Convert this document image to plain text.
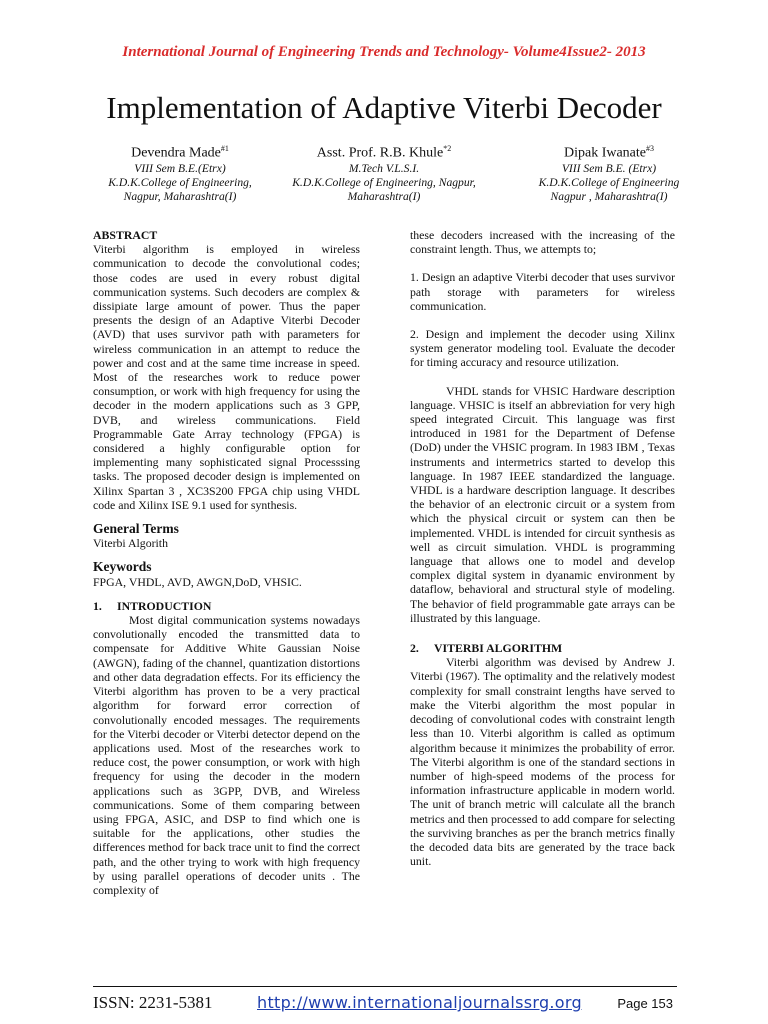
International Journal of Engineering Trends and Technology- Volume4Issue2- 2013
Implementation of Adaptive Viterbi Decoder
Devendra Made$^{\#1}$
VIII Sem B.E.(Etrx)
K.D.K.College of Engineering,
Nagpur, Maharashtra(I)
Asst. Prof. R.B. Khule$^{*2}$
M.Tech V.L.S.I.
K.D.K.College of Engineering, Nagpur,
Maharashtra(I)
Dipak Iwanate$^{\#3}$
VIII Sem B.E. (Etrx)
K.D.K.College of Engineering
Nagpur , Maharashtra(I)

ABSTRACT

Viterbi algorithm is employed in wireless communication to decode the convolutional codes; those codes are used in every robust digital communication systems. Such decoders are complex & dissipiate large amount of power. Thus the paper presents the design of an Adaptive Viterbi Decoder (AVD) that uses survivor path with parameters for wireless communication in an attempt to reduce the power and cost and at the same time increase in speed. Most of the researches work to reduce power consumption, or work with high frequency for using the decoder in the modern applications such as 3 GPP, DVB, and wireless communications. Field Programmable Gate Array technology (FPGA) is considered a highly configurable option for implementing many sophisticated signal Processsing tasks. The proposed decoder design is implemented on Xilinx Spartan 3 , XC3S200 FPGA chip using VHDL code and Xilinx ISE 9.1 used for synthesis.

General Terms

Viterbi Algorith

Keywords

FPGA, VHDL, AVD, AWGN,DoD, VHSIC.

1. INTRODUCTION

Most digital communication systems nowadays convolutionally encoded the transmitted data to compensate for Additive White Gaussian Noise (AWGN), fading of the channel, quantization distortions and other data degradation effects. For its efficiency the Viterbi algorithm has proven to be a very practical algorithm for forward error correction of convolutionally encoded messages. The requirements for the Viterbi decoder or Viterbi detector depend on the applications used. Most of the researches work to reduce cost, the power consumption, or work with high frequency for using the decoder in the modern applications such as 3GPP, DVB, and Wireless communications. Some of them comparing between using FPGA, ASIC, and DSP to find which one is suitable for the applications, other studies the differences method for back trace unit to find the correct path, and the other trying to work with high frequency by using parallel operations of decoder units . The complexity of

these decoders increased with the increasing of the constraint length. Thus, we attempts to;

1. Design an adaptive Viterbi decoder that uses survivor path storage with parameters for wireless communication.

2. Design and implement the decoder using Xilinx system generator modeling tool. Evaluate the decoder for timing accuracy and resource utilization.

VHDL stands for VHSIC Hardware description language. VHSIC is itself an abbreviation for very high speed integrated Circuit. This language was first introduced in 1981 for the Department of Defense (DoD) under the VHSIC program. In 1983 IBM , Texas instruments and intermetrics started to develop this language. In 1987 IEEE standardized the language. VHDL is a hardware description language. It describes the behavior of an electronic circuit or a system from which the physical circuit or system can then be implemented. VHDL is intended for circuit synthesis as well as circuit simulation. VHDL is programming language that allows one to model and develop complex digital system in dyanamic environment by dataflow, behavioral and structural style of modeling. The behavior of field programmable gate arrays can be illustrated by this language.

2. VITERBI ALGORITHM

Viterbi algorithm was devised by Andrew J. Viterbi (1967). The optimality and the relatively modest complexity for small constraint lengths have served to make the Viterbi algorithm the most popular in decoding of convolutional codes with constraint length less than 10. Viterbi algorithm is called as optimum algorithm because it minimizes the probability of error. The Viterbi algorithm is one of the standard sections in number of high-speed modems of the process for information infrastructure applicable in modern world. The unit of branch metric will calculate all the branch metrics and then processed to add compare for selecting the surviving branches as per the branch metrics finally the decoded data bits are generated by the trace back unit.

ISSN: 2231-5381	http://www.internationaljournalssrg.org	Page 153
